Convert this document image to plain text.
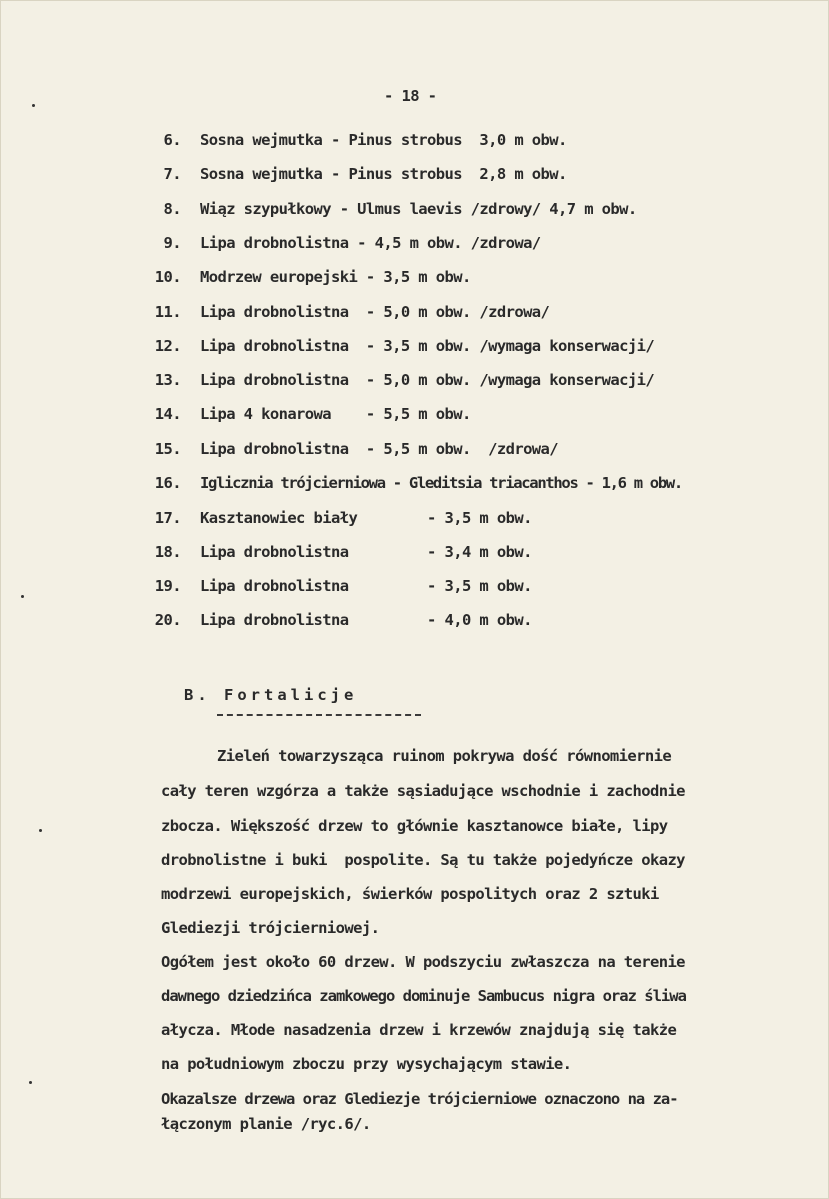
- 18 -
6. Sosna wejmutka - Pinus strobus  3,0 m obw.
7. Sosna wejmutka - Pinus strobus  2,8 m obw.
8. Wiąz szypułkowy - Ulmus laevis /zdrowy/ 4,7 m obw.
9. Lipa drobnolistna - 4,5 m obw. /zdrowa/
10. Modrzew europejski - 3,5 m obw.
11. Lipa drobnolistna  - 5,0 m obw. /zdrowa/
12. Lipa drobnolistna  - 3,5 m obw. /wymaga konserwacji/
13. Lipa drobnolistna  - 5,0 m obw. /wymaga konserwacji/
14. Lipa 4 konarowa    - 5,5 m obw.
15. Lipa drobnolistna  - 5,5 m obw.  /zdrowa/
16. Iglicznia trójcierniowa - Gleditsia triacanthos - 1,6 m obw.
17. Kasztanowiec biały        - 3,5 m obw.
18. Lipa drobnolistna         - 3,4 m obw.
19. Lipa drobnolistna         - 3,5 m obw.
20. Lipa drobnolistna         - 4,0 m obw.
B. Fortalicje
Zieleń towarzysząca ruinom pokrywa dość równomiernie
cały teren wzgórza a także sąsiadujące wschodnie i zachodnie
zbocza. Większość drzew to głównie kasztanowce białe, lipy
drobnolistne i buki  pospolite. Są tu także pojedyńcze okazy
modrzewi europejskich, świerków pospolitych oraz 2 sztuki
Glediezji trójcierniowej.
Ogółem jest około 60 drzew. W podszyciu zwłaszcza na terenie
dawnego dziedzińca zamkowego dominuje Sambucus nigra oraz śliwa
ałycza. Młode nasadzenia drzew i krzewów znajdują się także
na południowym zboczu przy wysychającym stawie.
Okazalsze drzewa oraz Glediezje trójcierniowe oznaczono na za-
łączonym planie /ryc.6/.
